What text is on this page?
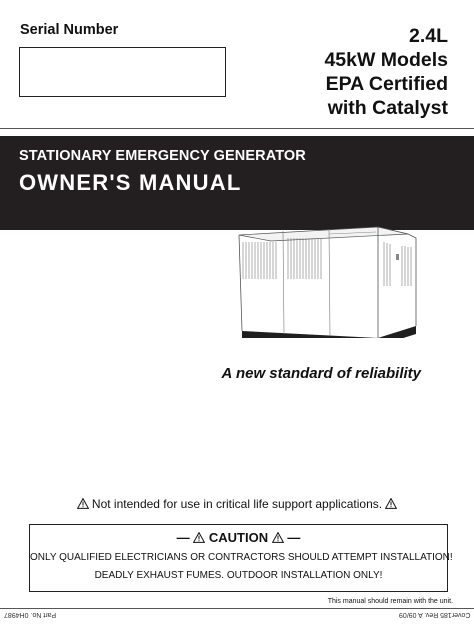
Serial Number	2.4L
45kW Models
EPA Certified
with Catalyst
STATIONARY EMERGENCY GENERATOR
OWNER'S MANUAL
A new standard of reliability
Not intended for use in critical life support applications.
—  CAUTION  —
ONLY QUALIFIED ELECTRICIANS OR CONTRACTORS SHOULD ATTEMPT INSTALLATION!
DEADLY EXHAUST FUMES. OUTDOOR INSTALLATION ONLY!
This manual should remain with the unit.
Part No. 0H4987	Cover185 Rev. A 09/09
